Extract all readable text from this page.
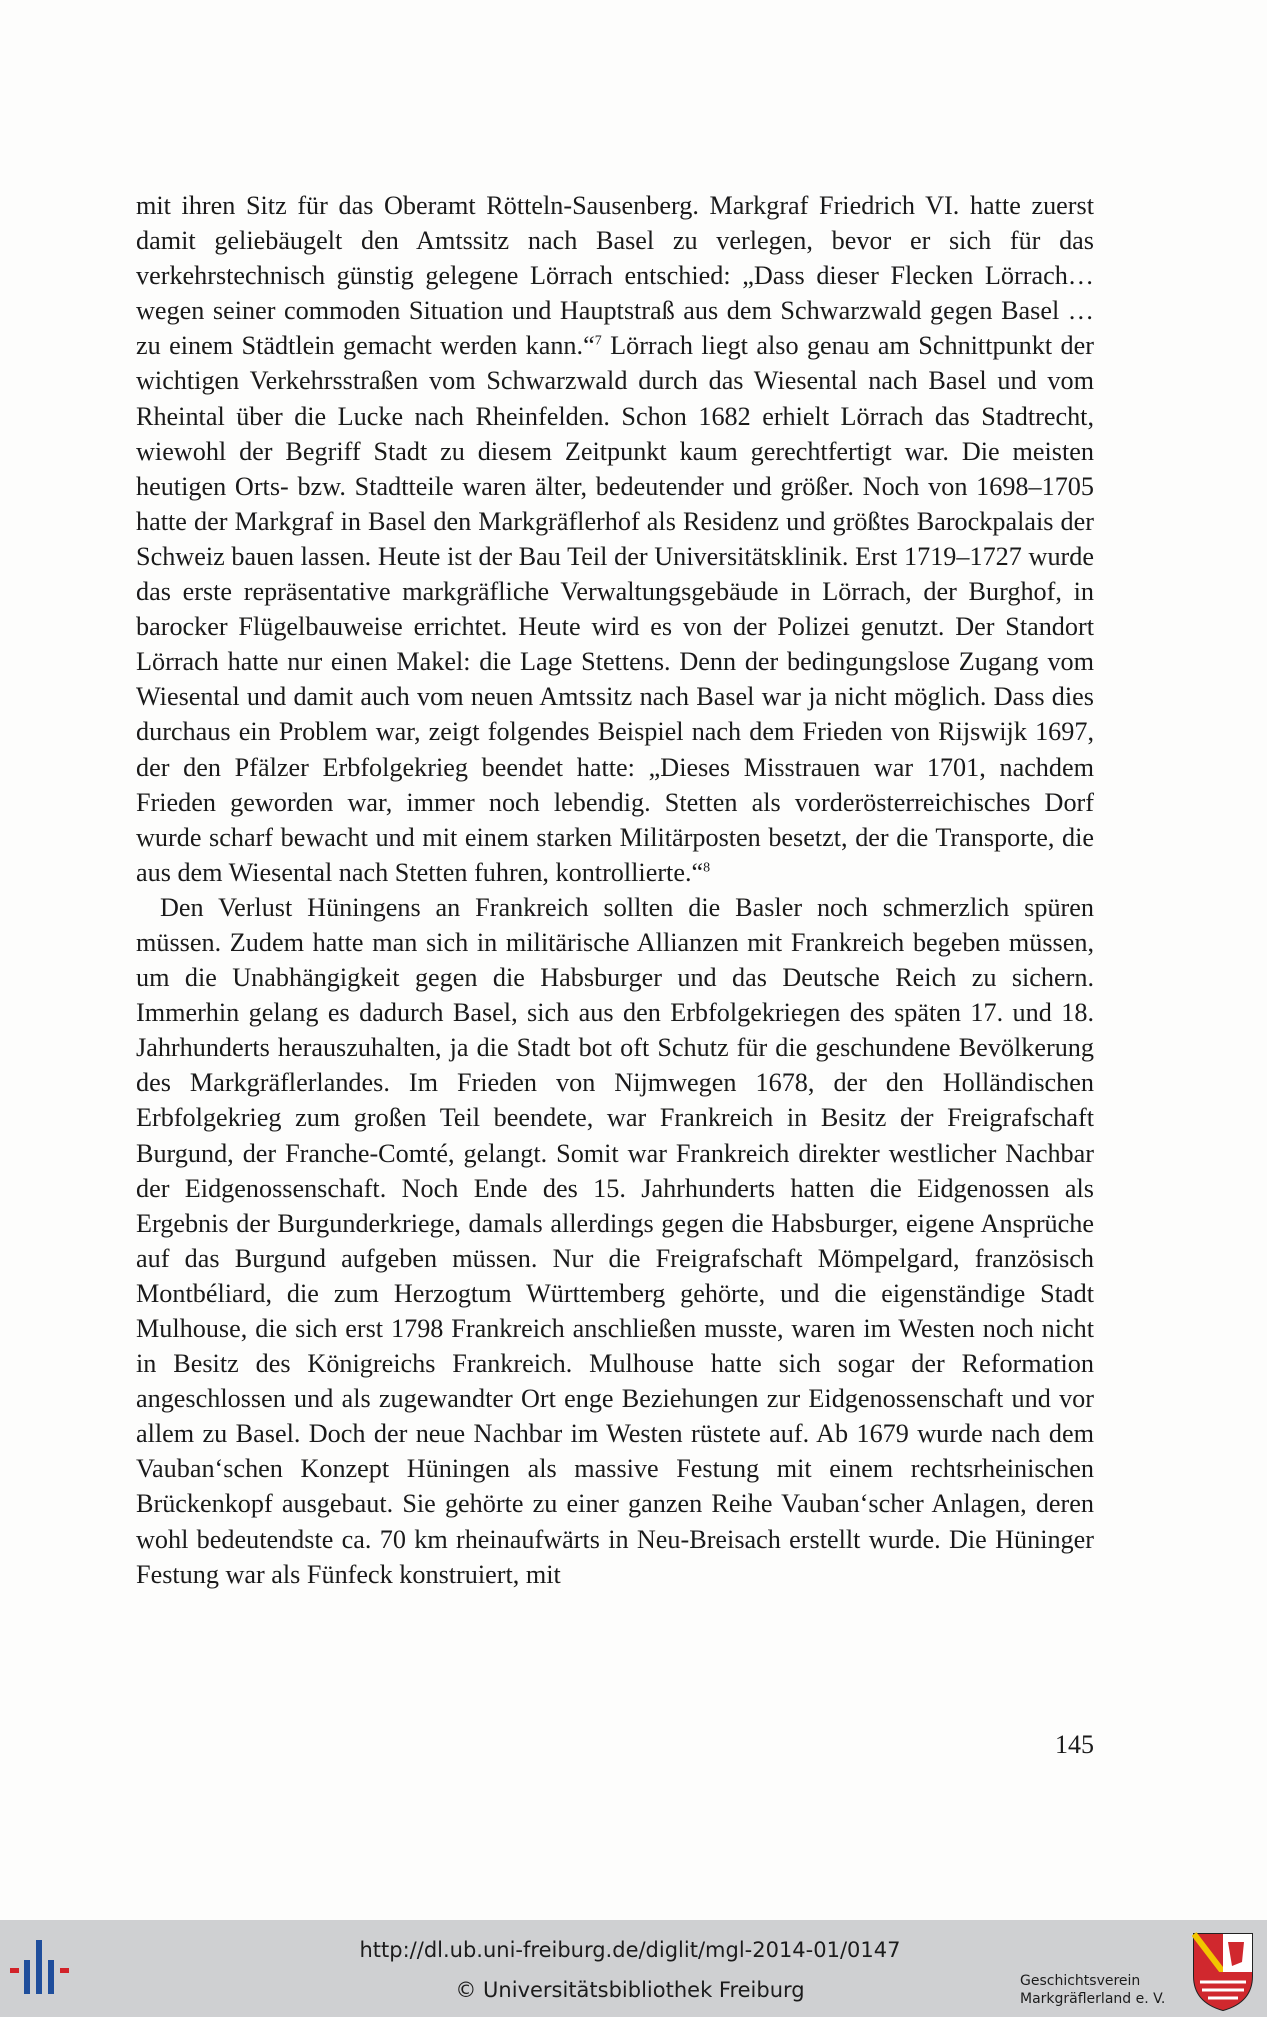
mit ihren Sitz für das Oberamt Rötteln-Sausenberg. Markgraf Friedrich VI. hatte zuerst damit geliebäugelt den Amtssitz nach Basel zu verlegen, bevor er sich für das verkehrstechnisch günstig gelegene Lörrach entschied: „Dass dieser Flecken Lörrach… wegen seiner commoden Situation und Hauptstraß aus dem Schwarzwald gegen Basel … zu einem Städtlein gemacht werden kann.“$^7$ Lörrach liegt also genau am Schnittpunkt der wichtigen Verkehrsstraßen vom Schwarzwald durch das Wiesental nach Basel und vom Rheintal über die Lucke nach Rheinfelden. Schon 1682 erhielt Lörrach das Stadtrecht, wiewohl der Begriff Stadt zu diesem Zeitpunkt kaum gerechtfertigt war. Die meisten heutigen Orts- bzw. Stadtteile waren älter, bedeutender und größer. Noch von 1698–1705 hatte der Markgraf in Basel den Markgräflerhof als Residenz und größtes Barockpalais der Schweiz bauen lassen. Heute ist der Bau Teil der Universitätsklinik. Erst 1719–1727 wurde das erste repräsentative markgräfliche Verwaltungsgebäude in Lörrach, der Burghof, in barocker Flügelbauweise errichtet. Heute wird es von der Polizei genutzt. Der Standort Lörrach hatte nur einen Makel: die Lage Stettens. Denn der bedingungslose Zugang vom Wiesental und damit auch vom neuen Amtssitz nach Basel war ja nicht möglich. Dass dies durchaus ein Problem war, zeigt folgendes Beispiel nach dem Frieden von Rijswijk 1697, der den Pfälzer Erbfolgekrieg beendet hatte: „Dieses Misstrauen war 1701, nachdem Frieden geworden war, immer noch lebendig. Stetten als vorderösterreichisches Dorf wurde scharf bewacht und mit einem starken Militärposten besetzt, der die Transporte, die aus dem Wiesental nach Stetten fuhren, kontrollierte.“$^8$

Den Verlust Hüningens an Frankreich sollten die Basler noch schmerzlich spüren müssen. Zudem hatte man sich in militärische Allianzen mit Frankreich begeben müssen, um die Unabhängigkeit gegen die Habsburger und das Deutsche Reich zu sichern. Immerhin gelang es dadurch Basel, sich aus den Erbfolgekriegen des späten 17. und 18. Jahrhunderts herauszuhalten, ja die Stadt bot oft Schutz für die geschundene Bevölkerung des Markgräflerlandes. Im Frieden von Nijmwegen 1678, der den Holländischen Erbfolgekrieg zum großen Teil beendete, war Frankreich in Besitz der Freigrafschaft Burgund, der Franche-Comté, gelangt. Somit war Frankreich direkter westlicher Nachbar der Eidgenossenschaft. Noch Ende des 15. Jahrhunderts hatten die Eidgenossen als Ergebnis der Burgunderkriege, damals allerdings gegen die Habsburger, eigene Ansprüche auf das Burgund aufgeben müssen. Nur die Freigrafschaft Mömpelgard, französisch Montbéliard, die zum Herzogtum Württemberg gehörte, und die eigenständige Stadt Mulhouse, die sich erst 1798 Frankreich anschließen musste, waren im Westen noch nicht in Besitz des Königreichs Frankreich. Mulhouse hatte sich sogar der Reformation angeschlossen und als zugewandter Ort enge Beziehungen zur Eidgenossenschaft und vor allem zu Basel. Doch der neue Nachbar im Westen rüstete auf. Ab 1679 wurde nach dem Vauban‘schen Konzept Hüningen als massive Festung mit einem rechtsrheinischen Brückenkopf ausgebaut. Sie gehörte zu einer ganzen Reihe Vauban‘scher Anlagen, deren wohl bedeutendste ca. 70 km rheinaufwärts in Neu-Breisach erstellt wurde. Die Hüninger Festung war als Fünfeck konstruiert, mit

145
http://dl.ub.uni-freiburg.de/diglit/mgl-2014-01/0147
© Universitätsbibliothek Freiburg	Geschichtsverein
Markgräflerland e. V.
